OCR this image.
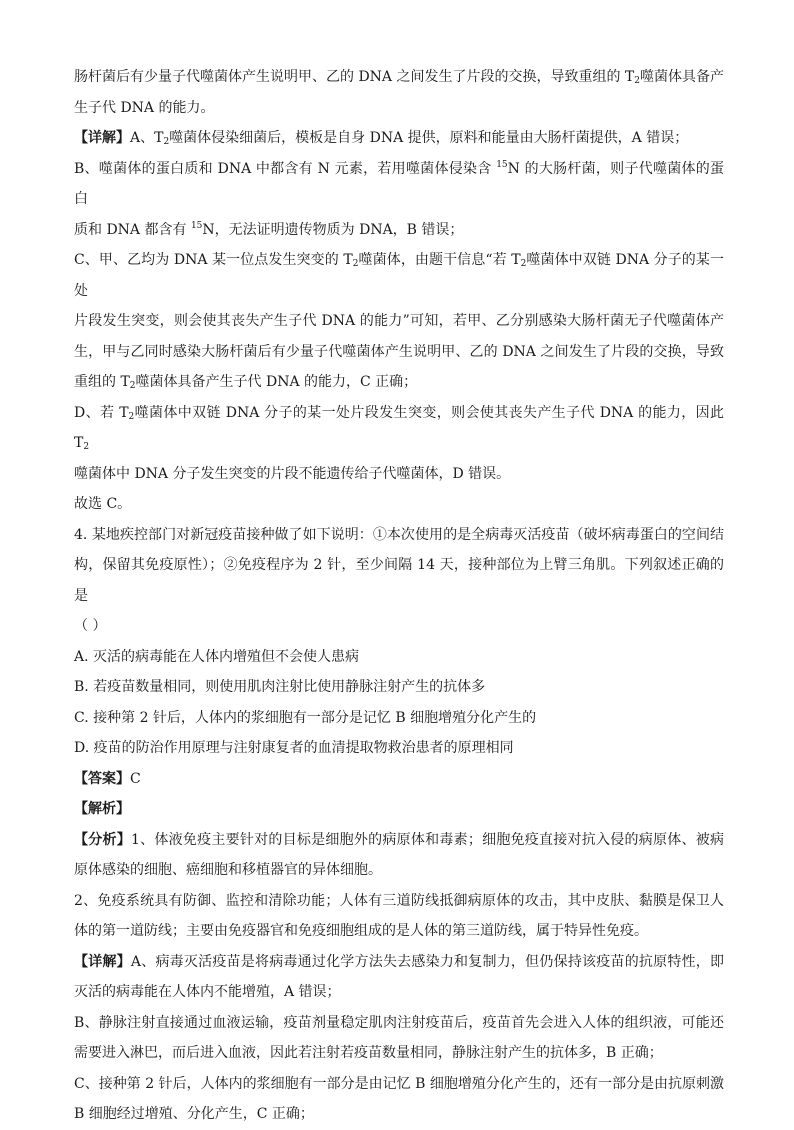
肠杆菌后有少量子代噬菌体产生说明甲、乙的 DNA 之间发生了片段的交换，导致重组的 $T_2$噬菌体具备产
生子代 DNA 的能力。
【详解】A、$T_2$噬菌体侵染细菌后，模板是自身 DNA 提供，原料和能量由大肠杆菌提供，A 错误；
B、噬菌体的蛋白质和 DNA 中都含有 N 元素，若用噬菌体侵染含 $^{15}$N 的大肠杆菌，则子代噬菌体的蛋白
质和 DNA 都含有 $^{15}$N，无法证明遗传物质为 DNA，B 错误；
C、甲、乙均为 DNA 某一位点发生突变的 $T_2$噬菌体，由题干信息“若 $T_2$噬菌体中双链 DNA 分子的某一处
片段发生突变，则会使其丧失产生子代 DNA 的能力”可知，若甲、乙分别感染大肠杆菌无子代噬菌体产
生，甲与乙同时感染大肠杆菌后有少量子代噬菌体产生说明甲、乙的 DNA 之间发生了片段的交换，导致
重组的 $T_2$噬菌体具备产生子代 DNA 的能力，C 正确；
D、若 $T_2$噬菌体中双链 DNA 分子的某一处片段发生突变，则会使其丧失产生子代 DNA 的能力，因此 $T_2$
噬菌体中 DNA 分子发生突变的片段不能遗传给子代噬菌体，D 错误。
故选 C。
4. 某地疾控部门对新冠疫苗接种做了如下说明：①本次使用的是全病毒灭活疫苗（破坏病毒蛋白的空间结
构，保留其免疫原性）；②免疫程序为 2 针，至少间隔 14 天，接种部位为上臂三角肌。下列叙述正确的是
（ ）
A. 灭活的病毒能在人体内增殖但不会使人患病
B. 若疫苗数量相同，则使用肌肉注射比使用静脉注射产生的抗体多
C. 接种第 2 针后，人体内的浆细胞有一部分是记忆 B 细胞增殖分化产生的
D. 疫苗的防治作用原理与注射康复者的血清提取物救治患者的原理相同
【答案】C
【解析】
【分析】1、体液免疫主要针对的目标是细胞外的病原体和毒素；细胞免疫直接对抗入侵的病原体、被病
原体感染的细胞、癌细胞和移植器官的异体细胞。
2、免疫系统具有防御、监控和清除功能；人体有三道防线抵御病原体的攻击，其中皮肤、黏膜是保卫人
体的第一道防线；主要由免疫器官和免疫细胞组成的是人体的第三道防线，属于特异性免疫。
【详解】A、病毒灭活疫苗是将病毒通过化学方法失去感染力和复制力，但仍保持该疫苗的抗原特性，即
灭活的病毒能在人体内不能增殖，A 错误；
B、静脉注射直接通过血液运输，疫苗剂量稳定肌肉注射疫苗后，疫苗首先会进入人体的组织液，可能还
需要进入淋巴，而后进入血液，因此若注射若疫苗数量相同，静脉注射产生的抗体多，B 正确；
C、接种第 2 针后，人体内的浆细胞有一部分是由记忆 B 细胞增殖分化产生的，还有一部分是由抗原刺激
B 细胞经过增殖、分化产生，C 正确；
